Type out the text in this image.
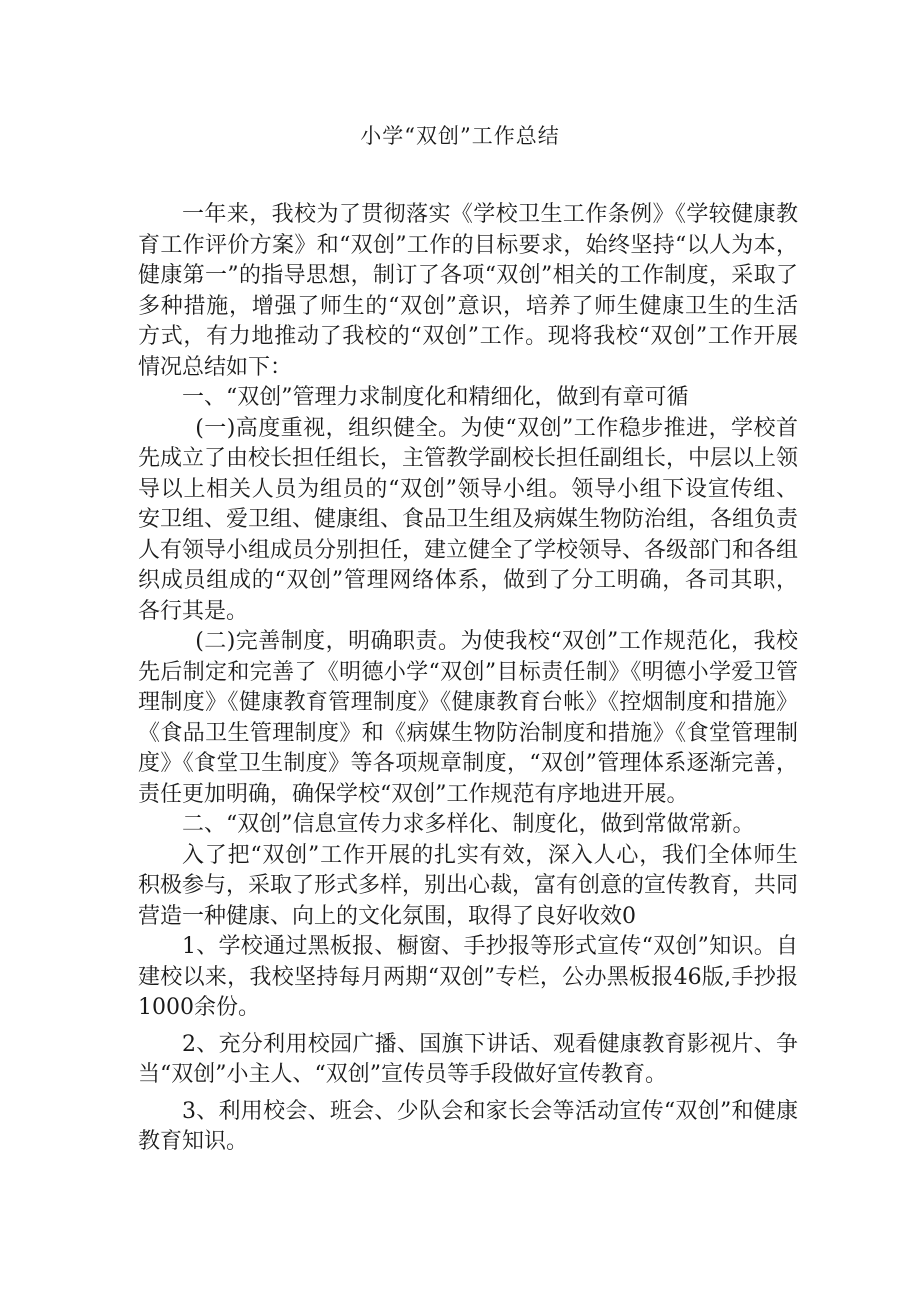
小学“双创”工作总结

一年来，我校为了贯彻落实《学校卫生工作条例》《学较健康教育工作评价方案》和“双创”工作的目标要求，始终坚持“以人为本，健康第一”的指导思想，制订了各项“双创”相关的工作制度，采取了多种措施，增强了师生的“双创”意识，培养了师生健康卫生的生活方式，有力地推动了我校的“双创”工作。现将我校“双创”工作开展情况总结如下：

一、“双创”管理力求制度化和精细化，做到有章可循

(一)高度重视，组织健全。为使“双创”工作稳步推进，学校首先成立了由校长担任组长，主管教学副校长担任副组长，中层以上领导以上相关人员为组员的“双创”领导小组。领导小组下设宣传组、安卫组、爱卫组、健康组、食品卫生组及病媒生物防治组，各组负责人有领导小组成员分别担任，建立健全了学校领导、各级部门和各组织成员组成的“双创”管理网络体系，做到了分工明确，各司其职，各行其是。

(二)完善制度，明确职责。为使我校“双创”工作规范化，我校先后制定和完善了《明德小学“双创”目标责任制》《明德小学爱卫管理制度》《健康教育管理制度》《健康教育台帐》《控烟制度和措施》《食品卫生管理制度》和《病媒生物防治制度和措施》《食堂管理制度》《食堂卫生制度》等各项规章制度，“双创”管理体系逐渐完善，责任更加明确，确保学校“双创”工作规范有序地进开展。

二、“双创”信息宣传力求多样化、制度化，做到常做常新。

入了把“双创”工作开展的扎实有效，深入人心，我们全体师生积极参与，采取了形式多样，别出心裁，富有创意的宣传教育，共同营造一种健康、向上的文化氛围，取得了良好收效0

1、学校通过黑板报、橱窗、手抄报等形式宣传“双创”知识。自建校以来，我校坚持每月两期“双创”专栏，公办黑板报46版,手抄报1000余份。

2、充分利用校园广播、国旗下讲话、观看健康教育影视片、争当“双创”小主人、“双创”宣传员等手段做好宣传教育。

3、利用校会、班会、少队会和家长会等活动宣传“双创”和健康教育知识。
